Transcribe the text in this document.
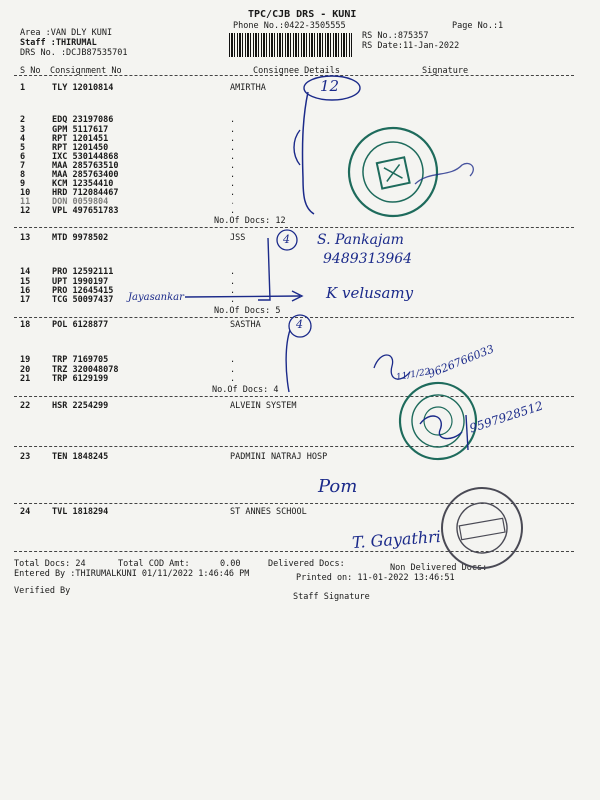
TPC/CJB DRS - KUNI
Phone No.:0422-3505555	Page No.:1
Area :VAN DLY KUNI
Staff :THIRUMAL
DRS No. :DCJB87535701
RS No.:875357
RS Date:11-Jan-2022
S No Consignment No	Consignee Details	Signature
1	TLY 12010814	AMIRTHA
2	EDQ 23197086	.
3	GPM 5117617	.
4	RPT 1201451	.
5	RPT 1201450	.
6	IXC 530144868	.
7	MAA 285763510	.
8	MAA 285763400	.
9	KCM 12354410	.
10	HRD 712084467	.
11	DON 0059804	.
12	VPL 497651783	.
No.Of Docs: 12
13	MTD 9978502	JSS
14	PRO 12592111	.
15	UPT 1990197	.
16	PRO 12645415	.
17	TCG 50097437	.
No.Of Docs: 5
18	POL 6128877	SASTHA
19	TRP 7169705	.
20	TRZ 320048078	.
21	TRP 6129199	.
No.Of Docs: 4
22	HSR 2254299	ALVEIN SYSTEM
23	TEN 1848245	PADMINI NATRAJ HOSP
24	TVL 1818294	ST ANNES SCHOOL
Total Docs: 24	Total COD Amt:	0.00	Delivered Docs:	Non Delivered Docs:
Entered By :THIRUMALKUNI 01/11/2022 1:46:46 PM	Printed on: 11-01-2022 13:46:51
Verified By
Staff Signature
12
4
4
S. Pankajam
9489313964
Jayasankar	K velusamy
11/1/22
9626766033
9597928512
Pom
T. Gayathri
